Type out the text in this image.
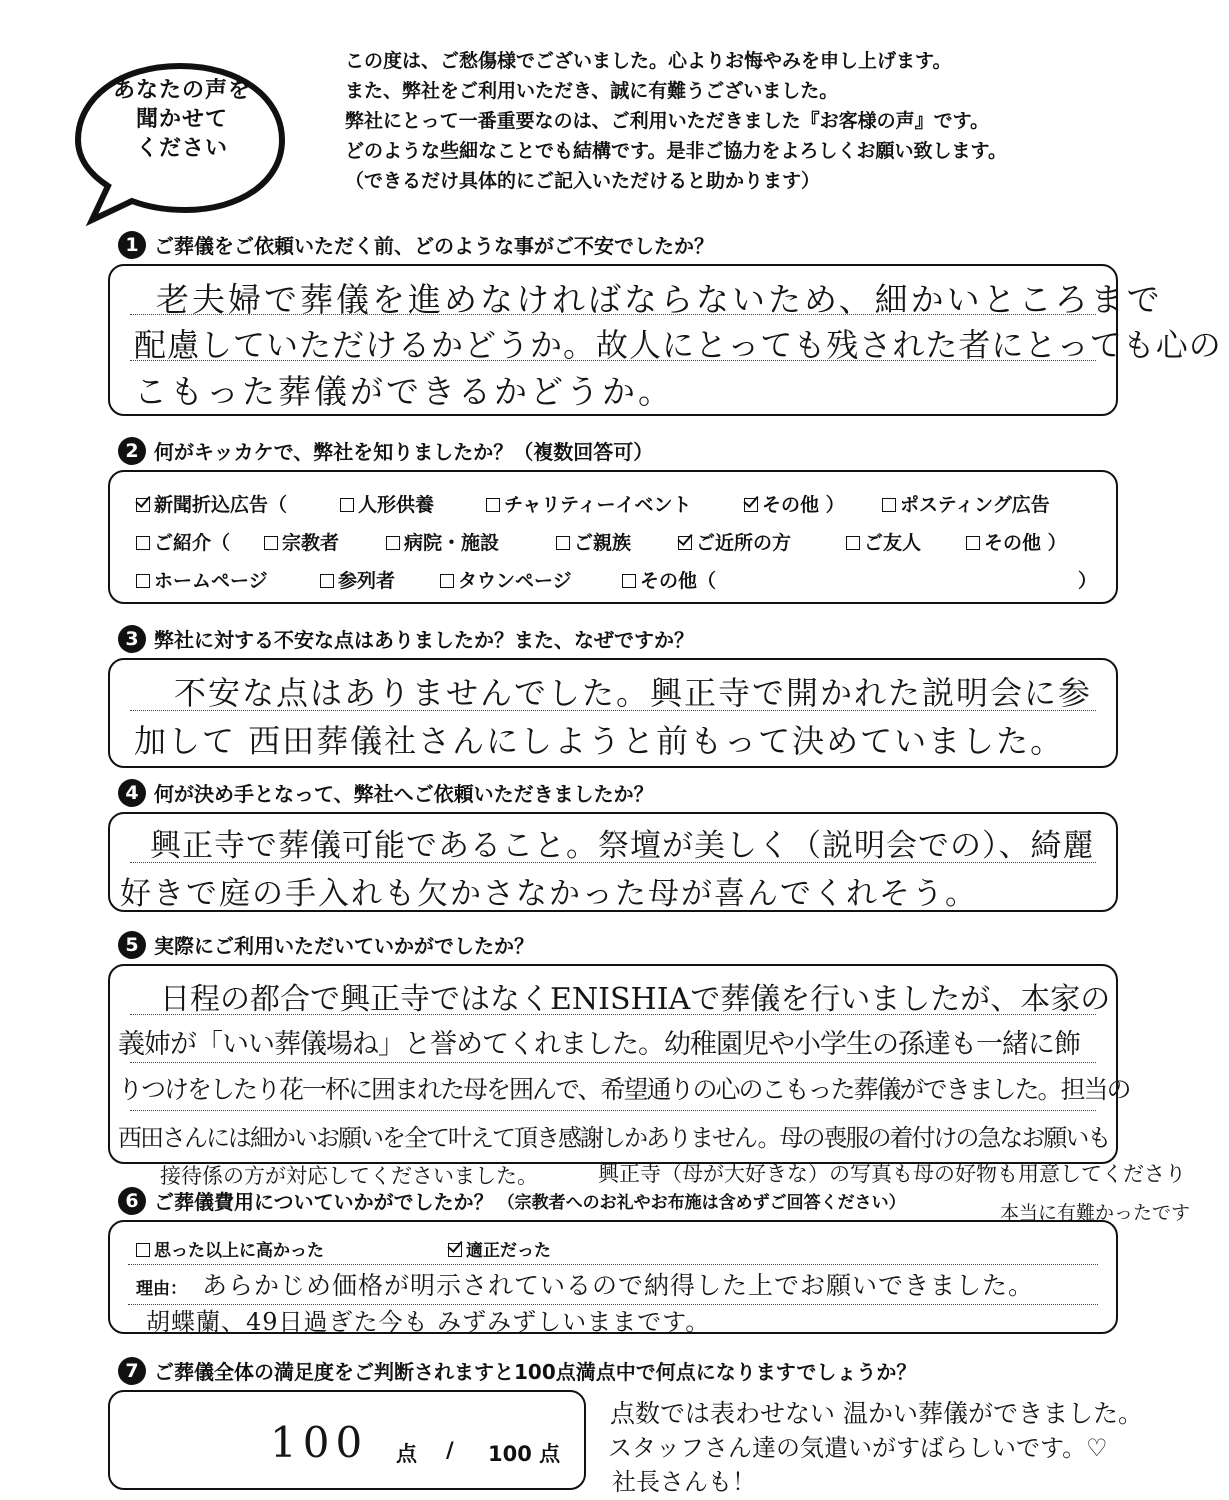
あなたの声を
聞かせて
ください
この度は、ご愁傷様でございました。心よりお悔やみを申し上げます。
また、弊社をご利用いただき、誠に有難うございました。
弊社にとって一番重要なのは、ご利用いただきました『お客様の声』です。
どのような些細なことでも結構です。是非ご協力をよろしくお願い致します。
（できるだけ具体的にご記入いただけると助かります）
1 ご葬儀をご依頼いただく前、どのような事がご不安でしたか？
老夫婦で葬儀を進めなければならないため、細かいところまで
配慮していただけるかどうか。故人にとっても残された者にとっても心の
こもった葬儀ができるかどうか。
2 何がキッカケで、弊社を知りましたか？（複数回答可）
新聞折込広告（	人形供養	チャリティーイベント	その他 ）	ポスティング広告
ご紹介（	宗教者	病院・施設	ご親族	ご近所の方	ご友人	その他 ）
ホームページ	参列者	タウンページ	その他（	）
3 弊社に対する不安な点はありましたか？また、なぜですか？
不安な点はありませんでした。興正寺で開かれた説明会に参
加して 西田葬儀社さんにしようと前もって決めていました。
4 何が決め手となって、弊社へご依頼いただきましたか？
興正寺で葬儀可能であること。祭壇が美しく（説明会での）、綺麗
好きで庭の手入れも欠かさなかった母が喜んでくれそう。
5 実際にご利用いただいていかがでしたか？
日程の都合で興正寺ではなくENISHIAで葬儀を行いましたが、本家の
義姉が「いい葬儀場ね」と誉めてくれました。幼稚園児や小学生の孫達も一緒に飾
りつけをしたり花一杯に囲まれた母を囲んで、希望通りの心のこもった葬儀ができました。担当の
西田さんには細かいお願いを全て叶えて頂き感謝しかありません。母の喪服の着付けの急なお願いも
接待係の方が対応してくださいました。	興正寺（母が大好きな）の写真も母の好物も用意してくださり
本当に有難かったです
6 ご葬儀費用についていかがでしたか？ （宗教者へのお礼やお布施は含めずご回答ください）
思った以上に高かった	適正だった
理由： あらかじめ価格が明示されているので納得した上でお願いできました。
胡蝶蘭、49日過ぎた今も みずみずしいままです。
7 ご葬儀全体の満足度をご判断されますと100点満点中で何点になりますでしょうか？
100 点 / 100 点
点数では表わせない 温かい葬儀ができました。
スタッフさん達の気遣いがすばらしいです。♡
社長さんも！
